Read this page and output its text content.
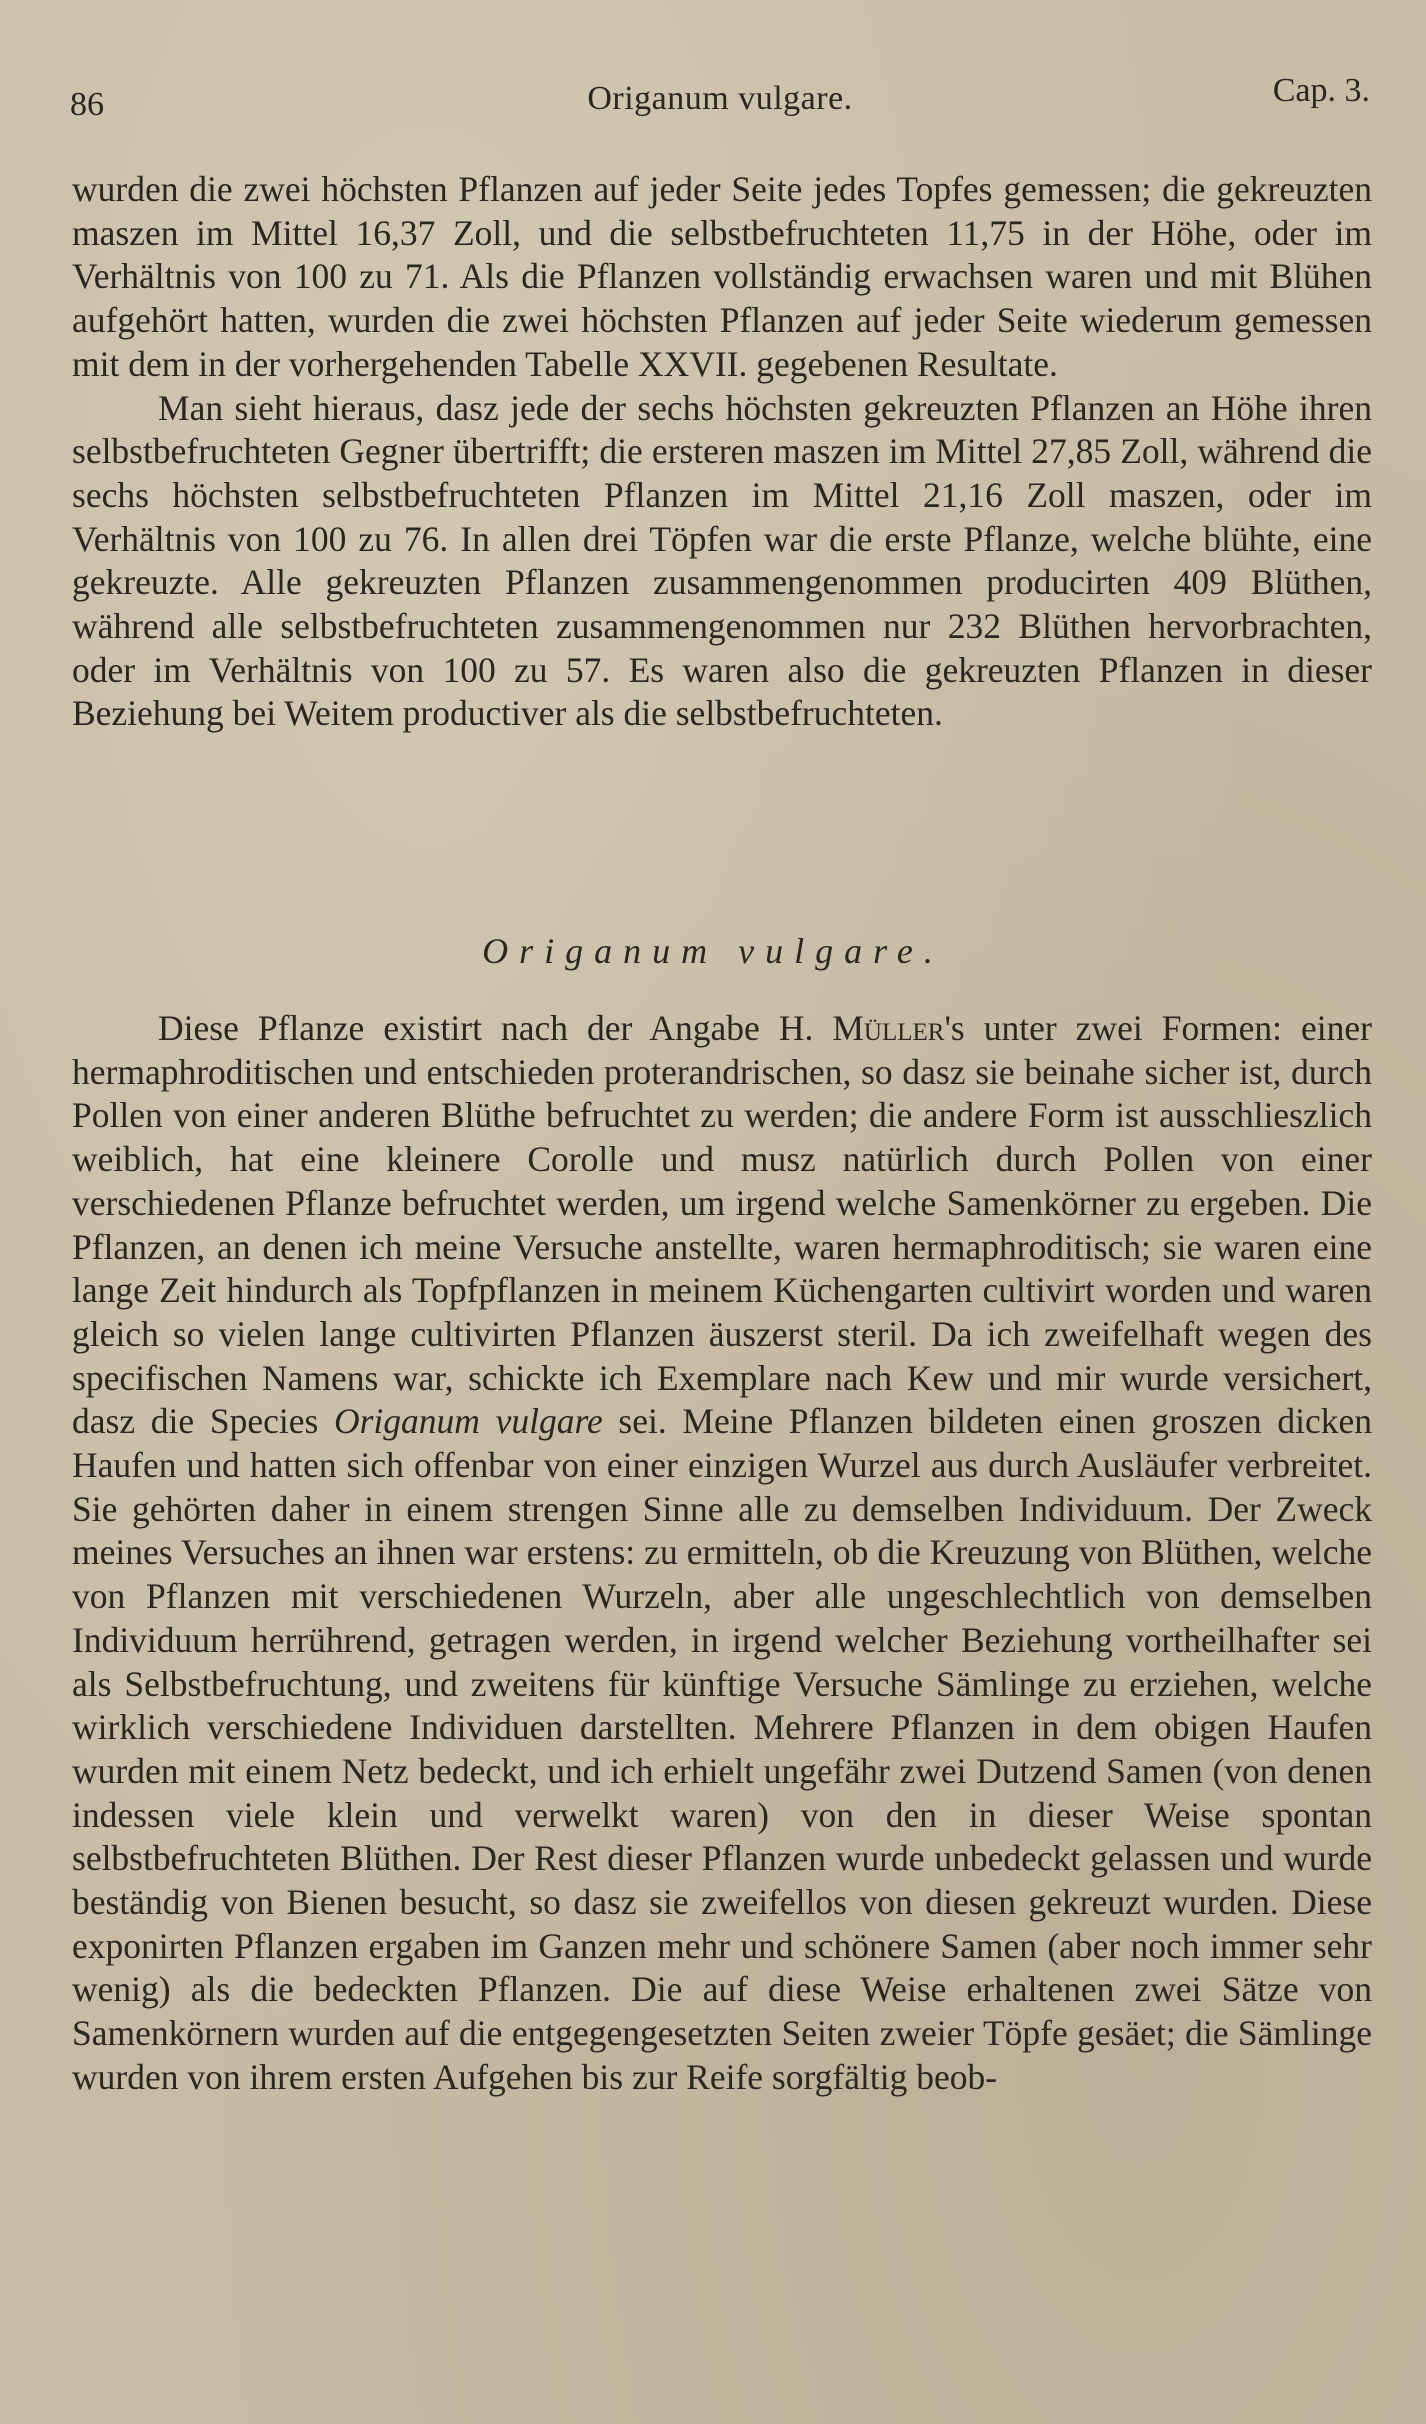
86	Origanum vulgare.	Cap. 3.

wurden die zwei höchsten Pflanzen auf jeder Seite jedes Topfes gemessen; die gekreuzten maszen im Mittel 16,37 Zoll, und die selbstbefruchteten 11,75 in der Höhe, oder im Verhältnis von 100 zu 71. Als die Pflanzen vollständig erwachsen waren und mit Blühen aufgehört hatten, wurden die zwei höchsten Pflanzen auf jeder Seite wiederum gemessen mit dem in der vorhergehenden Tabelle XXVII. gegebenen Resultate.

Man sieht hieraus, dasz jede der sechs höchsten gekreuzten Pflanzen an Höhe ihren selbstbefruchteten Gegner übertrifft; die ersteren maszen im Mittel 27,85 Zoll, während die sechs höchsten selbstbefruchteten Pflanzen im Mittel 21,16 Zoll maszen, oder im Verhältnis von 100 zu 76. In allen drei Töpfen war die erste Pflanze, welche blühte, eine gekreuzte. Alle gekreuzten Pflanzen zusammengenommen producirten 409 Blüthen, während alle selbstbefruchteten zusammengenommen nur 232 Blüthen hervorbrachten, oder im Verhältnis von 100 zu 57. Es waren also die gekreuzten Pflanzen in dieser Beziehung bei Weitem productiver als die selbstbefruchteten.

Origanum vulgare.

Diese Pflanze existirt nach der Angabe H. Müller's unter zwei Formen: einer hermaphroditischen und entschieden proterandrischen, so dasz sie beinahe sicher ist, durch Pollen von einer anderen Blüthe befruchtet zu werden; die andere Form ist ausschlieszlich weiblich, hat eine kleinere Corolle und musz natürlich durch Pollen von einer verschiedenen Pflanze befruchtet werden, um irgend welche Samenkörner zu ergeben. Die Pflanzen, an denen ich meine Versuche anstellte, waren hermaphroditisch; sie waren eine lange Zeit hindurch als Topfpflanzen in meinem Küchengarten cultivirt worden und waren gleich so vielen lange cultivirten Pflanzen äuszerst steril. Da ich zweifelhaft wegen des specifischen Namens war, schickte ich Exemplare nach Kew und mir wurde versichert, dasz die Species Origanum vulgare sei. Meine Pflanzen bildeten einen groszen dicken Haufen und hatten sich offenbar von einer einzigen Wurzel aus durch Ausläufer verbreitet. Sie gehörten daher in einem strengen Sinne alle zu demselben Individuum. Der Zweck meines Versuches an ihnen war erstens: zu ermitteln, ob die Kreuzung von Blüthen, welche von Pflanzen mit verschiedenen Wurzeln, aber alle ungeschlechtlich von demselben Individuum herrührend, getragen werden, in irgend welcher Beziehung vortheilhafter sei als Selbstbefruchtung, und zweitens für künftige Versuche Sämlinge zu erziehen, welche wirklich verschiedene Individuen darstellten. Mehrere Pflanzen in dem obigen Haufen wurden mit einem Netz bedeckt, und ich erhielt ungefähr zwei Dutzend Samen (von denen indessen viele klein und verwelkt waren) von den in dieser Weise spontan selbstbefruchteten Blüthen. Der Rest dieser Pflanzen wurde unbedeckt gelassen und wurde beständig von Bienen besucht, so dasz sie zweifellos von diesen gekreuzt wurden. Diese exponirten Pflanzen ergaben im Ganzen mehr und schönere Samen (aber noch immer sehr wenig) als die bedeckten Pflanzen. Die auf diese Weise erhaltenen zwei Sätze von Samenkörnern wurden auf die entgegengesetzten Seiten zweier Töpfe gesäet; die Sämlinge wurden von ihrem ersten Aufgehen bis zur Reife sorgfältig beob-
